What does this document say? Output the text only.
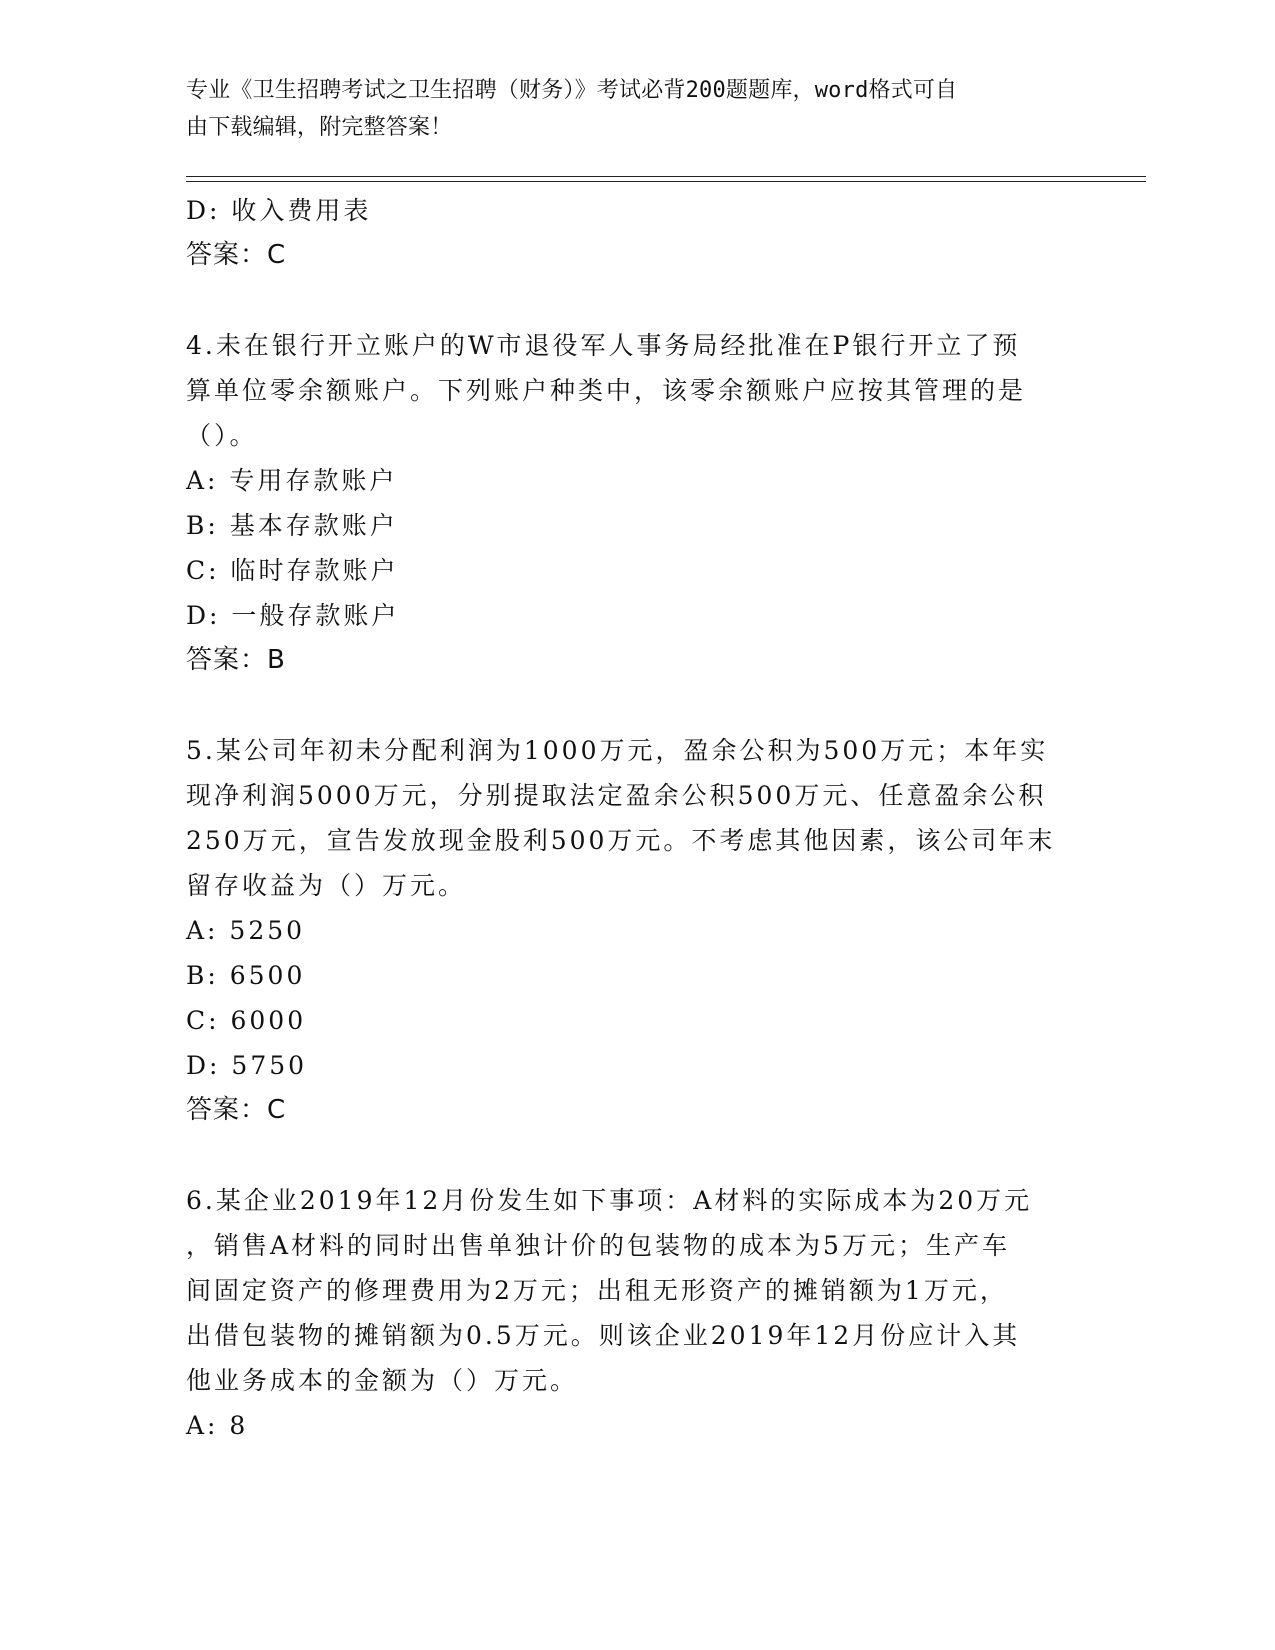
专业《卫生招聘考试之卫生招聘（财务）》考试必背200题题库，word格式可自
由下载编辑，附完整答案！
D: 收入费用表
答案：C
4.未在银行开立账户的W市退役军人事务局经批准在P银行开立了预
算单位零余额账户。下列账户种类中，该零余额账户应按其管理的是
（）。
A: 专用存款账户
B: 基本存款账户
C: 临时存款账户
D: 一般存款账户
答案：B
5.某公司年初未分配利润为1000万元，盈余公积为500万元；本年实
现净利润5000万元，分别提取法定盈余公积500万元、任意盈余公积
250万元，宣告发放现金股利500万元。不考虑其他因素，该公司年末
留存收益为（）万元。
A: 5250
B: 6500
C: 6000
D: 5750
答案：C
6.某企业2019年12月份发生如下事项：A材料的实际成本为20万元
，销售A材料的同时出售单独计价的包装物的成本为5万元；生产车
间固定资产的修理费用为2万元；出租无形资产的摊销额为1万元，
出借包装物的摊销额为0.5万元。则该企业2019年12月份应计入其
他业务成本的金额为（）万元。
A: 8
